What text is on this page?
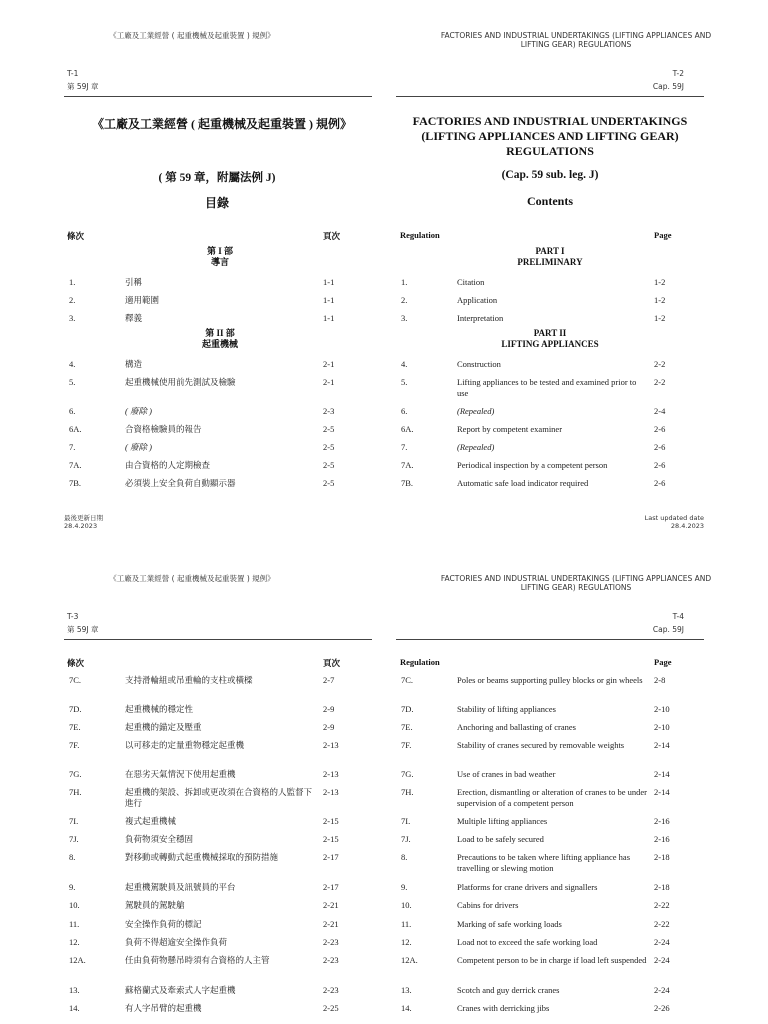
《工廠及工業經營 ( 起重機械及起重裝置 ) 規例》
T-1
第 59J 章
《工廠及工業經營 ( 起重機械及起重裝置 ) 規例》
( 第 59 章，附屬法例 J)
目錄
條次	頁次
第 I 部
導言
1.	引稱	1-1
2.	適用範圍	1-1
3.	釋義	1-1
第 II 部
起重機械
4.	構造	2-1
5.	起重機械使用前先測試及檢驗	2-1
6.	( 廢除 )	2-3
6A.	合資格檢驗員的報告	2-5
7.	( 廢除 )	2-5
7A.	由合資格的人定期檢查	2-5
7B.	必須裝上安全負荷自動顯示器	2-5
最後更新日期
28.4.2023
FACTORIES AND INDUSTRIAL UNDERTAKINGS (LIFTING APPLIANCES AND
LIFTING GEAR) REGULATIONS
T-2
Cap. 59J
FACTORIES AND INDUSTRIAL UNDERTAKINGS
(LIFTING APPLIANCES AND LIFTING GEAR)
REGULATIONS
(Cap. 59 sub. leg. J)
Contents
Regulation	Page
PART I
PRELIMINARY
1.	Citation	1-2
2.	Application	1-2
3.	Interpretation	1-2
PART II
LIFTING APPLIANCES
4.	Construction	2-2
5.	Lifting appliances to be tested and examined prior to use
2-2
6.	(Repealed)	2-4
6A.	Report by competent examiner	2-6
7.	(Repealed)	2-6
7A.	Periodical inspection by a competent person	2-6
7B.	Automatic safe load indicator required	2-6
Last updated date
28.4.2023
《工廠及工業經營 ( 起重機械及起重裝置 ) 規例》
T-3
第 59J 章
條次	頁次
7C.	支持滑輪組或吊重輪的支柱或橫樑	2-7
7D.	起重機械的穩定性	2-9
7E.	起重機的錨定及壓重	2-9
7F.	以可移走的定量重物穩定起重機	2-13
7G.	在惡劣天氣情況下使用起重機	2-13
7H.	起重機的架設、拆卸或更改須在合資格的人監督下進行
2-13
7I.	複式起重機械	2-15
7J.	負荷物須安全穩固	2-15
8.	對移動或轉動式起重機械採取的預防措施	2-17
9.	起重機駕駛員及訊號員的平台	2-17
10.	駕駛員的駕駛艙	2-21
11.	安全操作負荷的標記	2-21
12.	負荷不得超逾安全操作負荷	2-23
12A.	任由負荷物懸吊時須有合資格的人主管	2-23
13.	蘇格蘭式及牽索式人字起重機	2-23
14.	有人字吊臂的起重機	2-25
FACTORIES AND INDUSTRIAL UNDERTAKINGS (LIFTING APPLIANCES AND
LIFTING GEAR) REGULATIONS
T-4
Cap. 59J
Regulation	Page
7C.	Poles or beams supporting pulley blocks or gin wheels	2-8
7D.	Stability of lifting appliances	2-10
7E.	Anchoring and ballasting of cranes	2-10
7F.	Stability of cranes secured by removable weights	2-14
7G.	Use of cranes in bad weather	2-14
7H.	Erection, dismantling or alteration of cranes to be under supervision of a competent person
2-14
7I.	Multiple lifting appliances	2-16
7J.	Load to be safely secured	2-16
8.	Precautions to be taken where lifting appliance has travelling or slewing motion
2-18
9.	Platforms for crane drivers and signallers	2-18
10.	Cabins for drivers	2-22
11.	Marking of safe working loads	2-22
12.	Load not to exceed the safe working load	2-24
12A.	Competent person to be in charge if load left suspended 2-24
13.	Scotch and guy derrick cranes	2-24
14.	Cranes with derricking jibs	2-26
